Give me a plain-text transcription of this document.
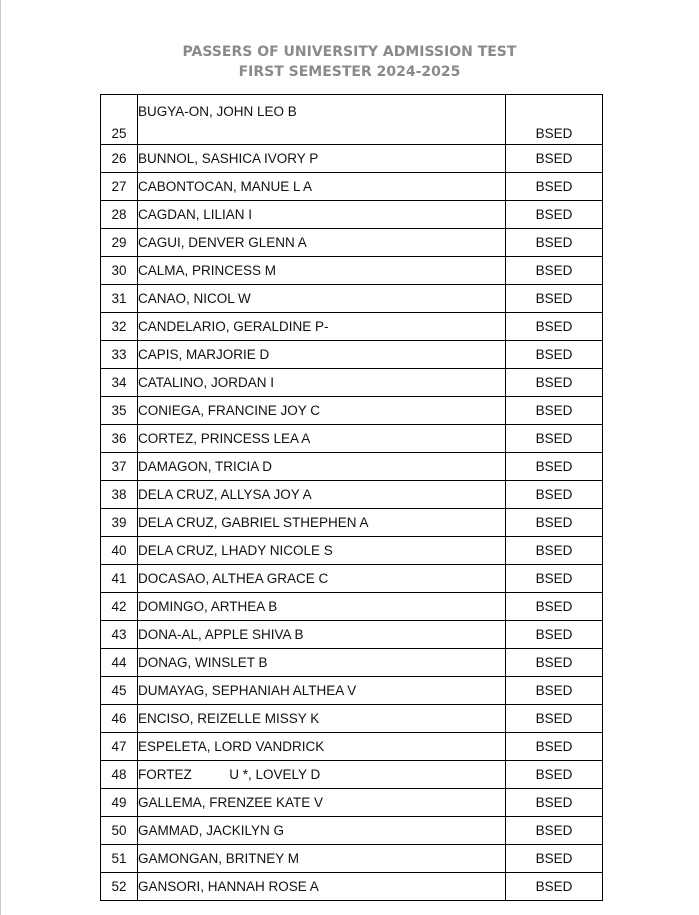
PASSERS OF UNIVERSITY ADMISSION TEST
FIRST SEMESTER 2024-2025
25	BUGYA-ON, JOHN LEO B	BSED
26	BUNNOL, SASHICA IVORY P	BSED
27	CABONTOCAN, MANUE L A	BSED
28	CAGDAN, LILIAN I	BSED
29	CAGUI, DENVER GLENN A	BSED
30	CALMA, PRINCESS M	BSED
31	CANAO, NICOL W	BSED
32	CANDELARIO, GERALDINE P-	BSED
33	CAPIS, MARJORIE D	BSED
34	CATALINO, JORDAN I	BSED
35	CONIEGA, FRANCINE JOY C	BSED
36	CORTEZ, PRINCESS LEA A	BSED
37	DAMAGON, TRICIA D	BSED
38	DELA CRUZ, ALLYSA JOY A	BSED
39	DELA CRUZ, GABRIEL STHEPHEN A	BSED
40	DELA CRUZ, LHADY NICOLE S	BSED
41	DOCASAO, ALTHEA GRACE C	BSED
42	DOMINGO, ARTHEA B	BSED
43	DONA-AL, APPLE SHIVA B	BSED
44	DONAG, WINSLET B	BSED
45	DUMAYAG, SEPHANIAH ALTHEA V	BSED
46	ENCISO, REIZELLE MISSY K	BSED
47	ESPELETA, LORD VANDRICK	BSED
48	FORTEZ          U *, LOVELY D	BSED
49	GALLEMA, FRENZEE KATE V	BSED
50	GAMMAD, JACKILYN G	BSED
51	GAMONGAN, BRITNEY M	BSED
52	GANSORI, HANNAH ROSE A	BSED
